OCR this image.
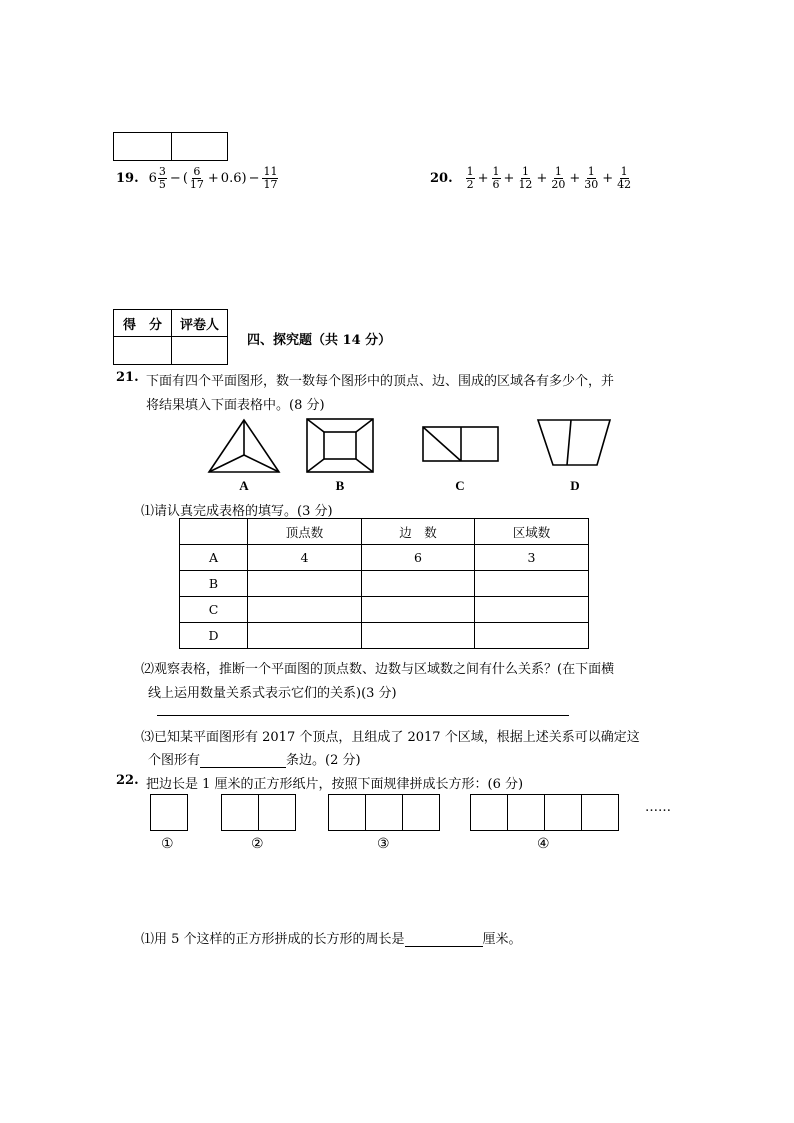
19. $6 \frac{3}{5}$ − ( $\frac{6}{17} + 0.6$ ) − $\frac{11}{17}$	20. $\frac{1}{2} + \frac{1}{6} + \frac{1}{12} + \frac{1}{20} + \frac{1}{30} + \frac{1}{42}$
得　分	评卷人

四、探究题（共 14 分）
21. 下面有四个平面图形，数一数每个图形中的顶点、边、围成的区域各有多少个，并
将结果填入下面表格中。(8 分)
A	B	C	D
⑴请认真完成表格的填写。(3 分)
	顶点数	边　数	区域数
A	4	6	3
B			
C			
D			
⑵观察表格，推断一个平面图的顶点数、边数与区域数之间有什么关系？(在下面横
线上运用数量关系式表示它们的关系)(3 分)
⑶已知某平面图形有 2017 个顶点，且组成了 2017 个区域，根据上述关系可以确定这
个图形有	条边。(2 分)
22. 把边长是 1 厘米的正方形纸片，按照下面规律拼成长方形：(6 分)
……
①	②	③	④
⑴用 5 个这样的正方形拼成的长方形的周长是	厘米。
